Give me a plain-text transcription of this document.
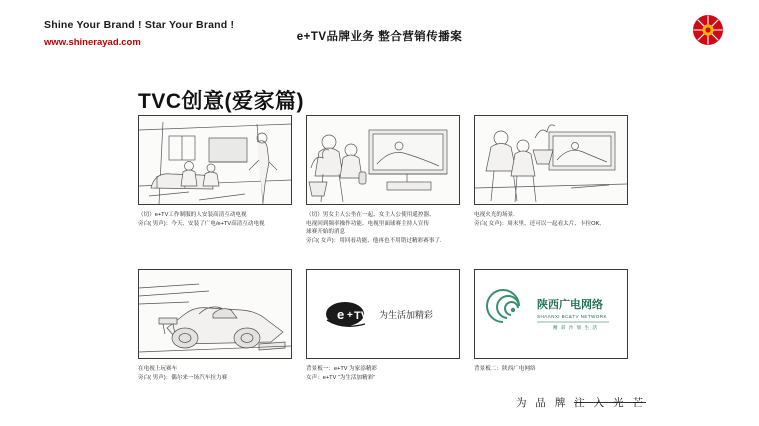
Shine Your Brand ! Star Your Brand !
www.shinerayad.com	e+TV品牌业务 整合营销传播案
TVC创意(爱家篇)
（切）e+TV工作制服的人安装高清互动电视
旁白( 男声)：今天、安装了广电/e+TV高清互动电视
（切）男女主人公坐在一起、女主人公使用遥控器、
电视回到频率操作功能、电视里面球赛主持人宣传
球赛开始的消息
旁白( 女声)：用回看功能、他再也不用错过精彩赛事了.
电视火光的场景.
旁白( 女声)：周末里、还可以一起看太片、卡拉OK、
在电视上玩赛车
旁白( 男声)：偶尔来一场汽车拉力赛
e + TV 为生活加精彩
背景板一：e+TV 为家添精彩
女声：e+TV “为生活加精彩”
陕西广电网络
SHAANXI BC&TV NETWORK
精 彩 沙 划 生 活
背景板二：陕西广电网络
为 品 牌 注 入 光 芒
